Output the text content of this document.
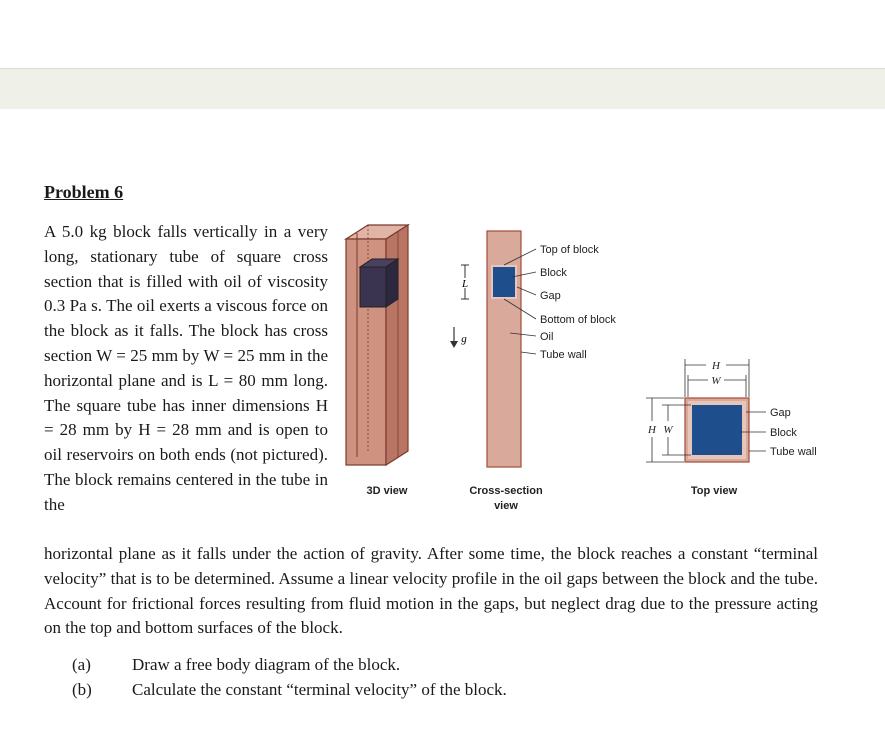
Problem 6
A 5.0 kg block falls vertically in a very long, stationary tube of square cross section that is filled with oil of viscosity 0.3 Pa s. The oil exerts a viscous force on the block as it falls. The block has cross section W = 25 mm by W = 25 mm in the horizontal plane and is L = 80 mm long. The square tube has inner dimensions H = 28 mm by H = 28 mm and is open to oil reservoirs on both ends (not pictured). The block remains centered in the tube in the
L
g
Top of block
Block
Gap
Bottom of block
Oil
Tube wall
H
W
H W
Gap
Block
Tube wall
3D view	Cross-section
view
Top view
horizontal plane as it falls under the action of gravity. After some time, the block reaches a constant “terminal velocity” that is to be determined. Assume a linear velocity profile in the oil gaps between the block and the tube. Account for frictional forces resulting from fluid motion in the gaps, but neglect drag due to the pressure acting on the top and bottom surfaces of the block.
(a) Draw a free body diagram of the block.
(b) Calculate the constant “terminal velocity” of the block.
